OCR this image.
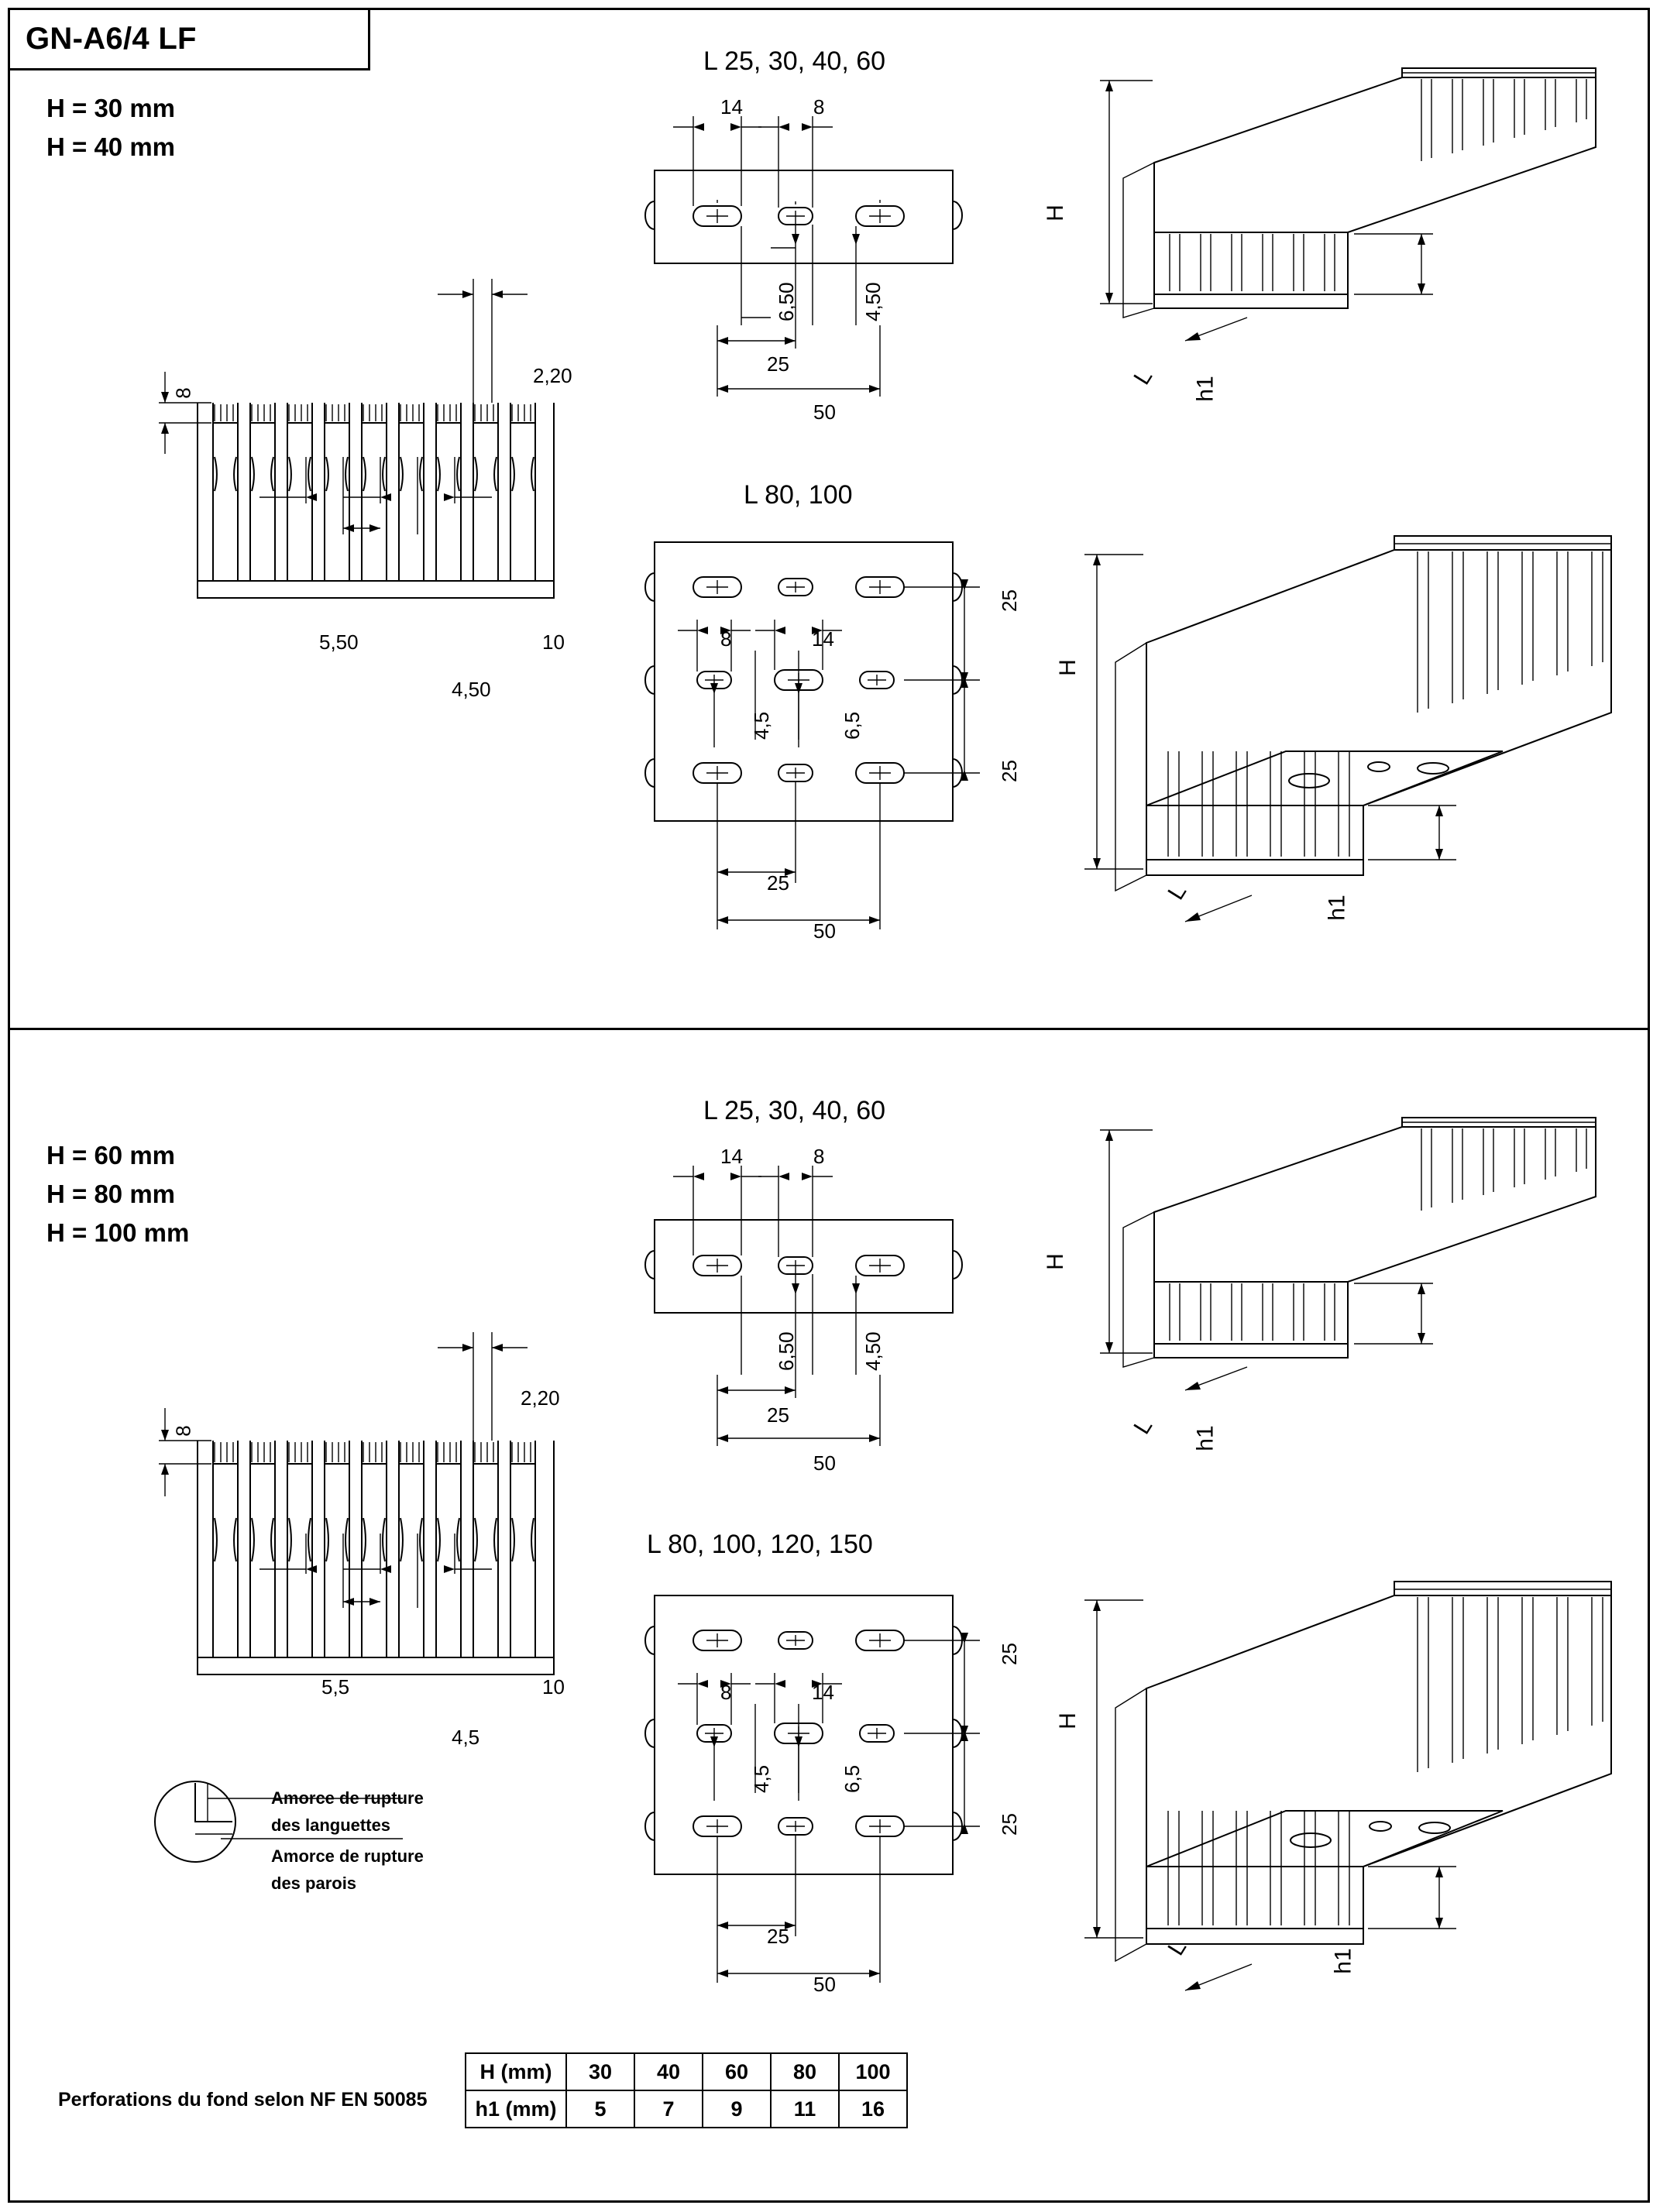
GN-A6/4 LF
H = 30 mm
H = 40 mm
8
2,20
5,50
4,50
10
L 25, 30, 40, 60
14	8
6,50	4,50
25
50
L 80, 100
8	14
4,5	6,5
25
25
25
50
H
L h1
H
L
h1
H = 60 mm
H = 80 mm
H = 100 mm
8
2,20
5,5
4,5
10
Amorce de rupture
des languettes
Amorce de rupture
des parois
L 25, 30, 40, 60
14	8
6,50	4,50
25
50
L 80, 100, 120, 150
8	14
4,5	6,5
25
25
25
50
H
L h1
H
L
h1
Perforations du fond selon NF EN 50085
H (mm)	30	40	60	80	100
h1 (mm)	5	7	9	11	16
